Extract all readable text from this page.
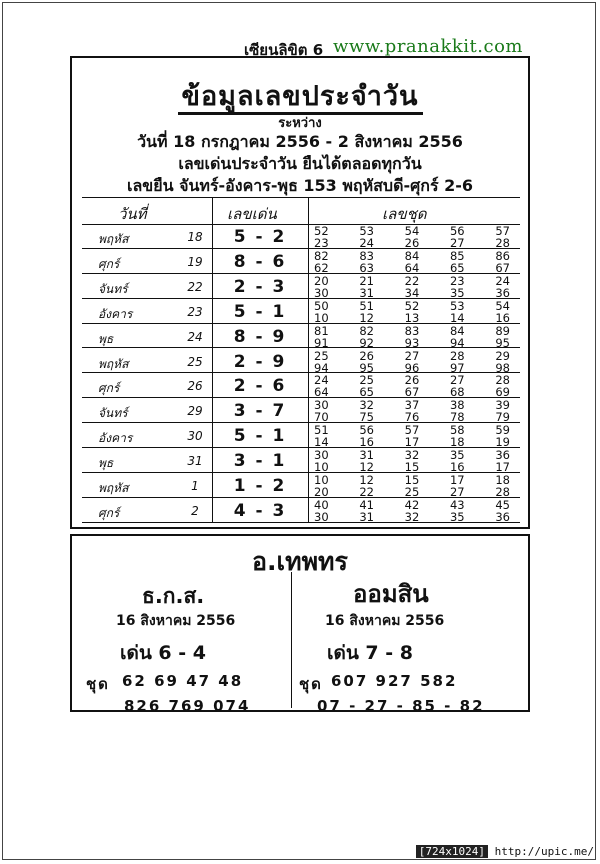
เซียนลิขิต 6 www.pranakkit.com
ข้อมูลเลขประจำวัน
ระหว่าง
วันที่ 18 กรกฎาคม 2556 - 2 สิงหาคม 2556
เลขเด่นประจำวัน ยืนได้ตลอดทุกวัน
เลขยืน จันทร์-อังคาร-พุธ 153 พฤหัสบดี-ศุกร์ 2-6
วันที่	เลขเด่น	เลขชุด
พฤหัส	18	5 - 2	52	53	54	56	57
23	24	26	27	28
ศุกร์	19	8 - 6	82	83	84	85	86
62	63	64	65	67
จันทร์	22	2 - 3	20	21	22	23	24
30	31	34	35	36
อังคาร	23	5 - 1	50	51	52	53	54
10	12	13	14	16
พุธ	24	8 - 9	81	82	83	84	89
91	92	93	94	95
พฤหัส	25	2 - 9	25	26	27	28	29
94	95	96	97	98
ศุกร์	26	2 - 6	24	25	26	27	28
64	65	67	68	69
จันทร์	29	3 - 7	30	32	37	38	39
70	75	76	78	79
อังคาร	30	5 - 1	51	56	57	58	59
14	16	17	18	19
พุธ	31	3 - 1	30	31	32	35	36
10	12	15	16	17
พฤหัส	1	1 - 2	10	12	15	17	18
20	22	25	27	28
ศุกร์	2	4 - 3	40	41	42	43	45
30	31	32	35	36
อ.เทพทร
ธ.ก.ส.
16 สิงหาคม 2556
เด่น 6 - 4
ชุด 62 69 47 48
826 769 074
ออมสิน
16 สิงหาคม 2556
เด่น 7 - 8
ชุด 607 927 582
07 - 27 - 85 - 82
[724x1024] http://upic.me/
